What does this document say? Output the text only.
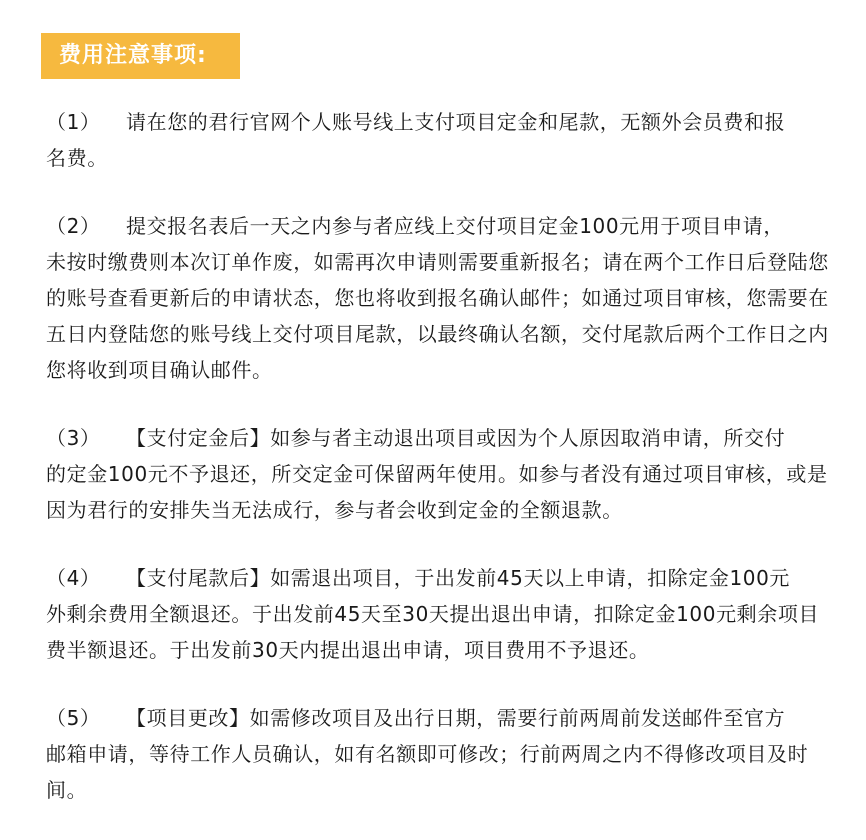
费用注意事项:
（1） 请在您的君行官网个人账号线上支付项目定金和尾款，无额外会员费和报
名费。
（2） 提交报名表后一天之内参与者应线上交付项目定金100元用于项目申请，
未按时缴费则本次订单作废，如需再次申请则需要重新报名；请在两个工作日后登陆您的账号查看更新后的申请状态，您也将收到报名确认邮件；如通过项目审核，您需要在五日内登陆您的账号线上交付项目尾款，以最终确认名额，交付尾款后两个工作日之内您将收到项目确认邮件。
（3） 【支付定金后】如参与者主动退出项目或因为个人原因取消申请，所交付
的定金100元不予退还，所交定金可保留两年使用。如参与者没有通过项目审核，或是因为君行的安排失当无法成行，参与者会收到定金的全额退款。
（4） 【支付尾款后】如需退出项目，于出发前45天以上申请，扣除定金100元
外剩余费用全额退还。于出发前45天至30天提出退出申请，扣除定金100元剩余项目费半额退还。于出发前30天内提出退出申请，项目费用不予退还。
（5） 【项目更改】如需修改项目及出行日期，需要行前两周前发送邮件至官方
邮箱申请，等待工作人员确认，如有名额即可修改；行前两周之内不得修改项目及时间。
